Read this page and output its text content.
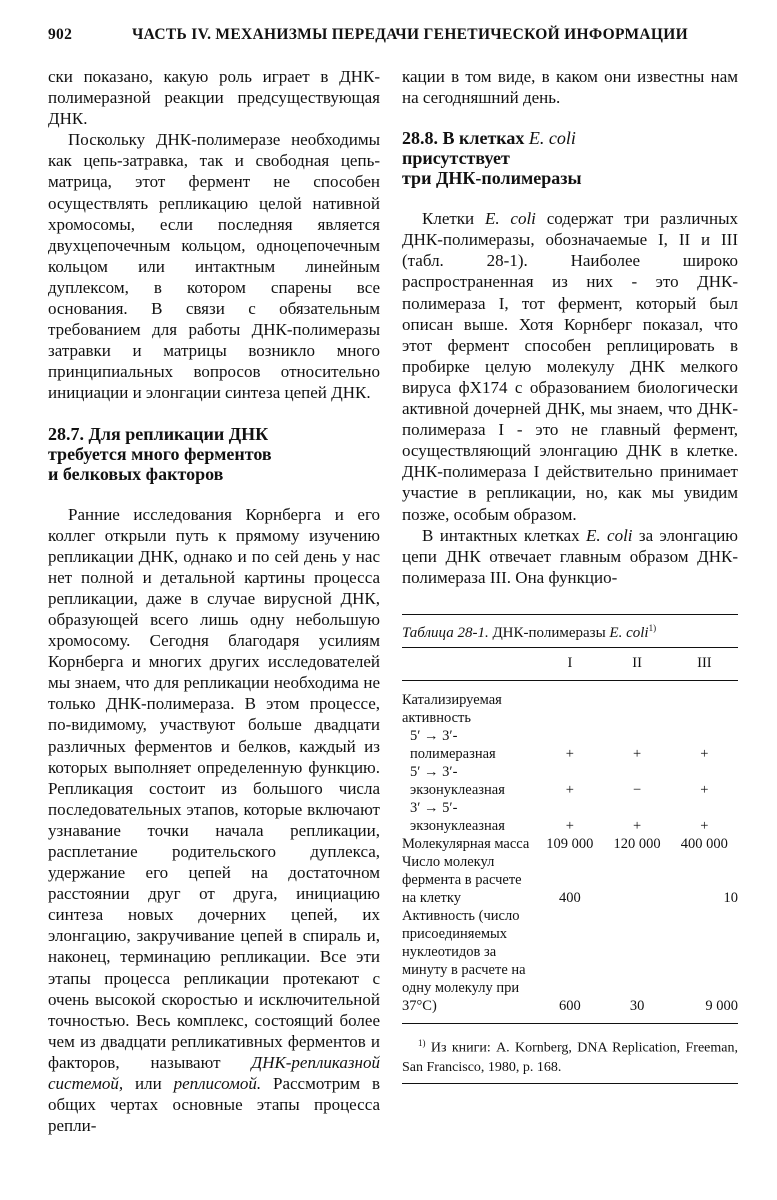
902	ЧАСТЬ IV. МЕХАНИЗМЫ ПЕРЕДАЧИ ГЕНЕТИЧЕСКОЙ ИНФОРМАЦИИ

ски показано, какую роль играет в ДНК-полимеразной реакции предсуществующая ДНК.

Поскольку ДНК-полимеразе необходимы как цепь-затравка, так и свободная цепь-матрица, этот фермент не способен осуществлять репликацию целой нативной хромосомы, если последняя является двухцепочечным кольцом, одноцепочечным кольцом или интактным линейным дуплексом, в котором спарены все основания. В связи с обязательным требованием для работы ДНК-полимеразы затравки и матрицы возникло много принципиальных вопросов относительно инициации и элонгации синтеза цепей ДНК.

28.7. Для репликации ДНК
требуется много ферментов
и белковых факторов

Ранние исследования Корнберга и его коллег открыли путь к прямому изучению репликации ДНК, однако и по сей день у нас нет полной и детальной картины процесса репликации, даже в случае вирусной ДНК, образующей всего лишь одну небольшую хромосому. Сегодня благодаря усилиям Корнберга и многих других исследователей мы знаем, что для репликации необходима не только ДНК-полимераза. В этом процессе, по-видимому, участвуют больше двадцати различных ферментов и белков, каждый из которых выполняет определенную функцию. Репликация состоит из большого числа последовательных этапов, которые включают узнавание точки начала репликации, расплетание родительского дуплекса, удержание его цепей на достаточном расстоянии друг от друга, инициацию синтеза новых дочерних цепей, их элонгацию, закручивание цепей в спираль и, наконец, терминацию репликации. Все эти этапы процесса репликации протекают с очень высокой скоростью и исключительной точностью. Весь комплекс, состоящий более чем из двадцати репликативных ферментов и факторов, называют ДНК-репликазной системой, или реплисомой. Рассмотрим в общих чертах основные этапы процесса репли-

кации в том виде, в каком они известны нам на сегодняшний день.

28.8. В клетках E. coli
присутствует
три ДНК-полимеразы

Клетки E. coli содержат три различных ДНК-полимеразы, обозначаемые I, II и III (табл. 28-1). Наиболее широко распространенная из них - это ДНК-полимераза I, тот фермент, который был описан выше. Хотя Корнберг показал, что этот фермент способен реплицировать в пробирке целую молекулу ДНК мелкого вируса фХ174 с образованием биологически активной дочерней ДНК, мы знаем, что ДНК-полимераза I - это не главный фермент, осуществляющий элонгацию ДНК в клетке. ДНК-полимераза I действительно принимает участие в репликации, но, как мы увидим позже, особым образом.

В интактных клетках E. coli за элонгацию цепи ДНК отвечает главным образом ДНК-полимераза III. Она функцио-

Таблица 28-1. ДНК-полимеразы E. coli$^{1)}$
	I	II	III

Катализируемая активность			
5′ → 3′-полимеразная	+	+	+
5′ → 3′-экзонуклеазная	+	−	+
3′ → 5′-экзонуклеазная	+	+	+
Молекулярная масса	109 000	120 000	400 000
Число молекул фермента в расчете на клетку	400		10
Активность (число присоединяемых нуклеотидов за минуту в расчете на одну молекулу при 37°С)	600	30	9 000

$^{1)}$ Из книги: A. Kornberg, DNA Replication, Freeman, San Francisco, 1980, p. 168.
